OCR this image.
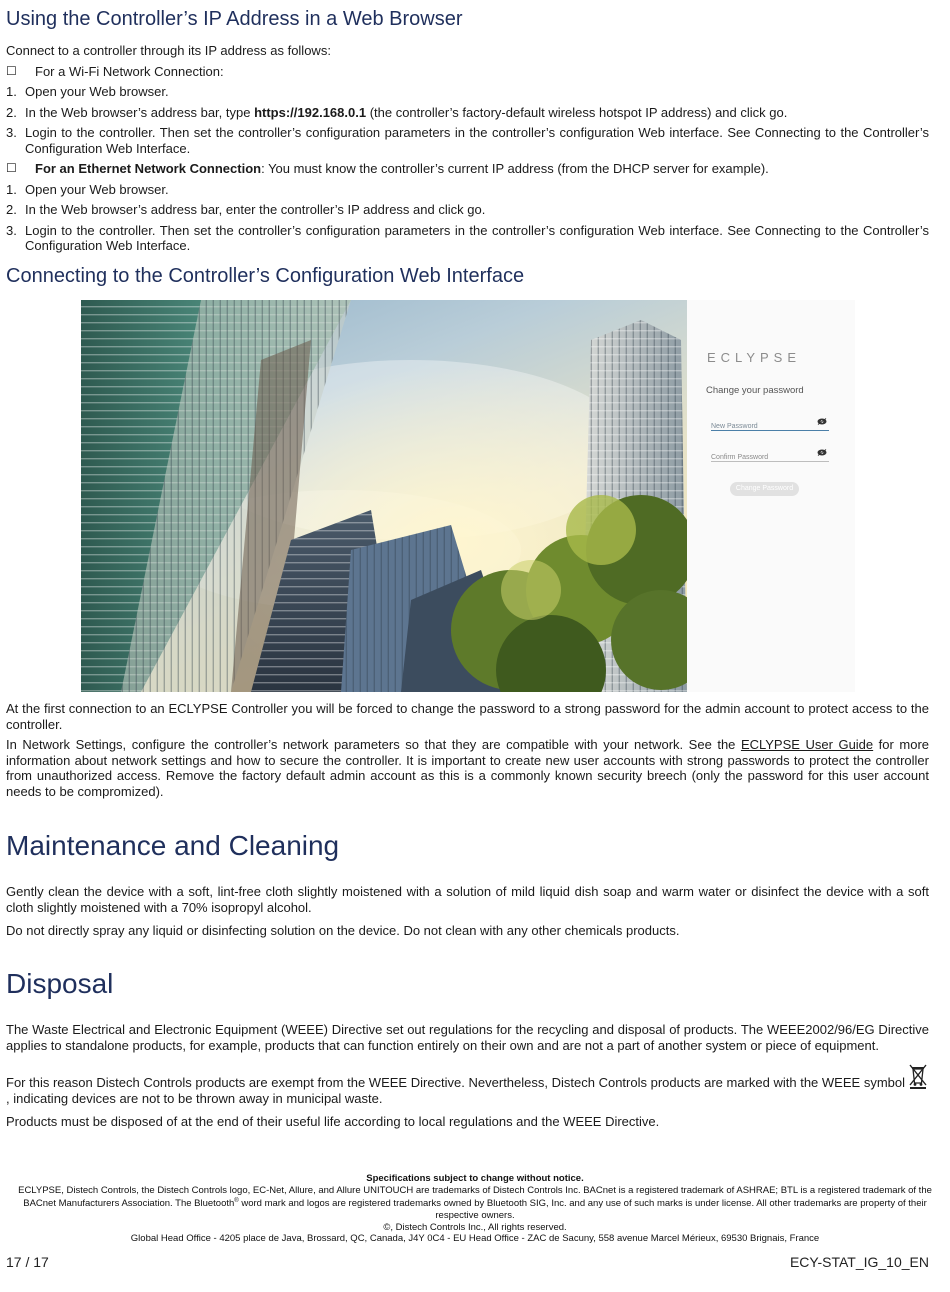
Using the Controller’s IP Address in a Web Browser

Connect to a controller through its IP address as follows:

☐	For a Wi-Fi Network Connection:
1. Open your Web browser.
2. In the Web browser’s address bar, type https://192.168.0.1 (the controller’s factory-default wireless hotspot IP address) and click go.
3. Login to the controller. Then set the controller’s configuration parameters in the controller’s configuration Web interface. See Connecting to the Controller’s Configuration Web Interface.
☐	For an Ethernet Network Connection: You must know the controller’s current IP address (from the DHCP server for example).
1. Open your Web browser.
2. In the Web browser’s address bar, enter the controller’s IP address and click go.
3. Login to the controller. Then set the controller’s configuration parameters in the controller’s configuration Web interface. See Connecting to the Controller’s Configuration Web Interface.
Connecting to the Controller’s Configuration Web Interface
ECLYPSE
Change your password
New Password
Confirm Password
Change Password

At the first connection to an ECLYPSE Controller you will be forced to change the password to a strong password for the admin account to protect access to the controller.

In Network Settings, configure the controller’s network parameters so that they are compatible with your network. See the ECLYPSE User Guide for more information about network settings and how to secure the controller. It is important to create new user accounts with strong passwords to protect the controller from unauthorized access. Remove the factory default admin account as this is a commonly known security breech (only the password for this user account needs to be compromized).

Maintenance and Cleaning

Gently clean the device with a soft, lint-free cloth slightly moistened with a solution of mild liquid dish soap and warm water or disinfect the device with a soft cloth slightly moistened with a 70% isopropyl alcohol.

Do not directly spray any liquid or disinfecting solution on the device. Do not clean with any other chemicals products.

Disposal

The Waste Electrical and Electronic Equipment (WEEE) Directive set out regulations for the recycling and disposal of products. The WEEE2002/96/EG Directive applies to standalone products, for example, products that can function entirely on their own and are not a part of another system or piece of equipment.

For this reason Distech Controls products are exempt from the WEEE Directive. Nevertheless, Distech Controls products are marked with the WEEE symbol, indicating devices are not to be thrown away in municipal waste.

Products must be disposed of at the end of their useful life according to local regulations and the WEEE Directive.

Specifications subject to change without notice.
ECLYPSE, Distech Controls, the Distech Controls logo, EC-Net, Allure, and Allure UNITOUCH are trademarks of Distech Controls Inc. BACnet is a registered trademark of ASHRAE; BTL is a registered trademark of the BACnet Manufacturers Association. The Bluetooth® word mark and logos are registered trademarks owned by Bluetooth SIG, Inc. and any use of such marks is under license. All other trademarks are property of their respective owners.
©, Distech Controls Inc., All rights reserved.
Global Head Office - 4205 place de Java, Brossard, QC, Canada, J4Y 0C4 - EU Head Office - ZAC de Sacuny, 558 avenue Marcel Mérieux, 69530 Brignais, France
17 / 17	ECY-STAT_IG_10_EN
